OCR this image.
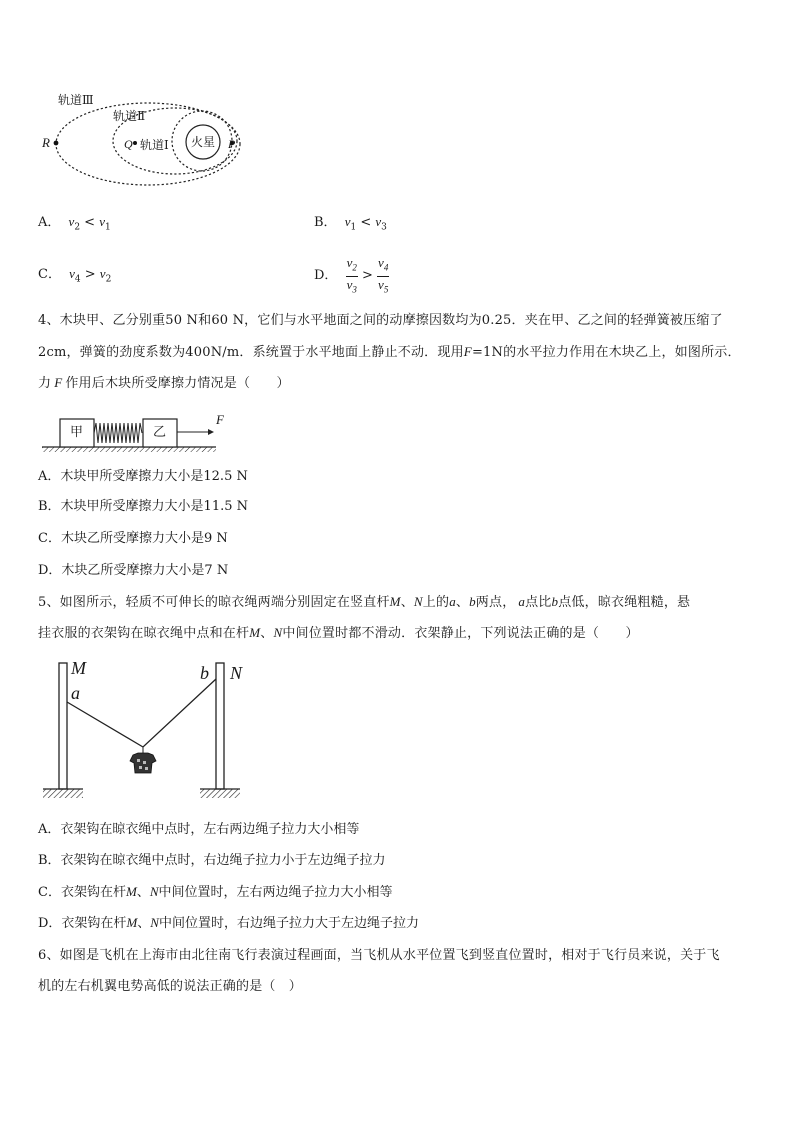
轨道Ⅲ
轨道Ⅱ
轨道Ⅰ 火星
R	Q	P
A． $v_2 < v_1$	B． $v_1 < v_3$
C． $v_4 > v_2$	D． $\frac{v_2}{v_3} > \frac{v_4}{v_5}$
4、木块甲、乙分别重50 N和60 N，它们与水平地面之间的动摩擦因数均为0.25．夹在甲、乙之间的轻弹簧被压缩了
2cm，弹簧的劲度系数为400N/m．系统置于水平地面上静止不动．现用F=1N的水平拉力作用在木块乙上，如图所示．
力 F 作用后木块所受摩擦力情况是（　　）
甲	乙
F
A．木块甲所受摩擦力大小是12.5 N
B．木块甲所受摩擦力大小是11.5 N
C．木块乙所受摩擦力大小是9 N
D．木块乙所受摩擦力大小是7 N
5、如图所示，轻质不可伸长的晾衣绳两端分别固定在竖直杆M、N上的a、b两点， a点比b点低，晾衣绳粗糙，悬
挂衣服的衣架钩在晾衣绳中点和在杆M、N中间位置时都不滑动．衣架静止，下列说法正确的是（　　）
M
a
b N
A．衣架钩在晾衣绳中点时，左右两边绳子拉力大小相等
B．衣架钩在晾衣绳中点时，右边绳子拉力小于左边绳子拉力
C．衣架钩在杆M、N中间位置时，左右两边绳子拉力大小相等
D．衣架钩在杆M、N中间位置时，右边绳子拉力大于左边绳子拉力
6、如图是飞机在上海市由北往南飞行表演过程画面，当飞机从水平位置飞到竖直位置时，相对于飞行员来说，关于飞
机的左右机翼电势高低的说法正确的是（　）
